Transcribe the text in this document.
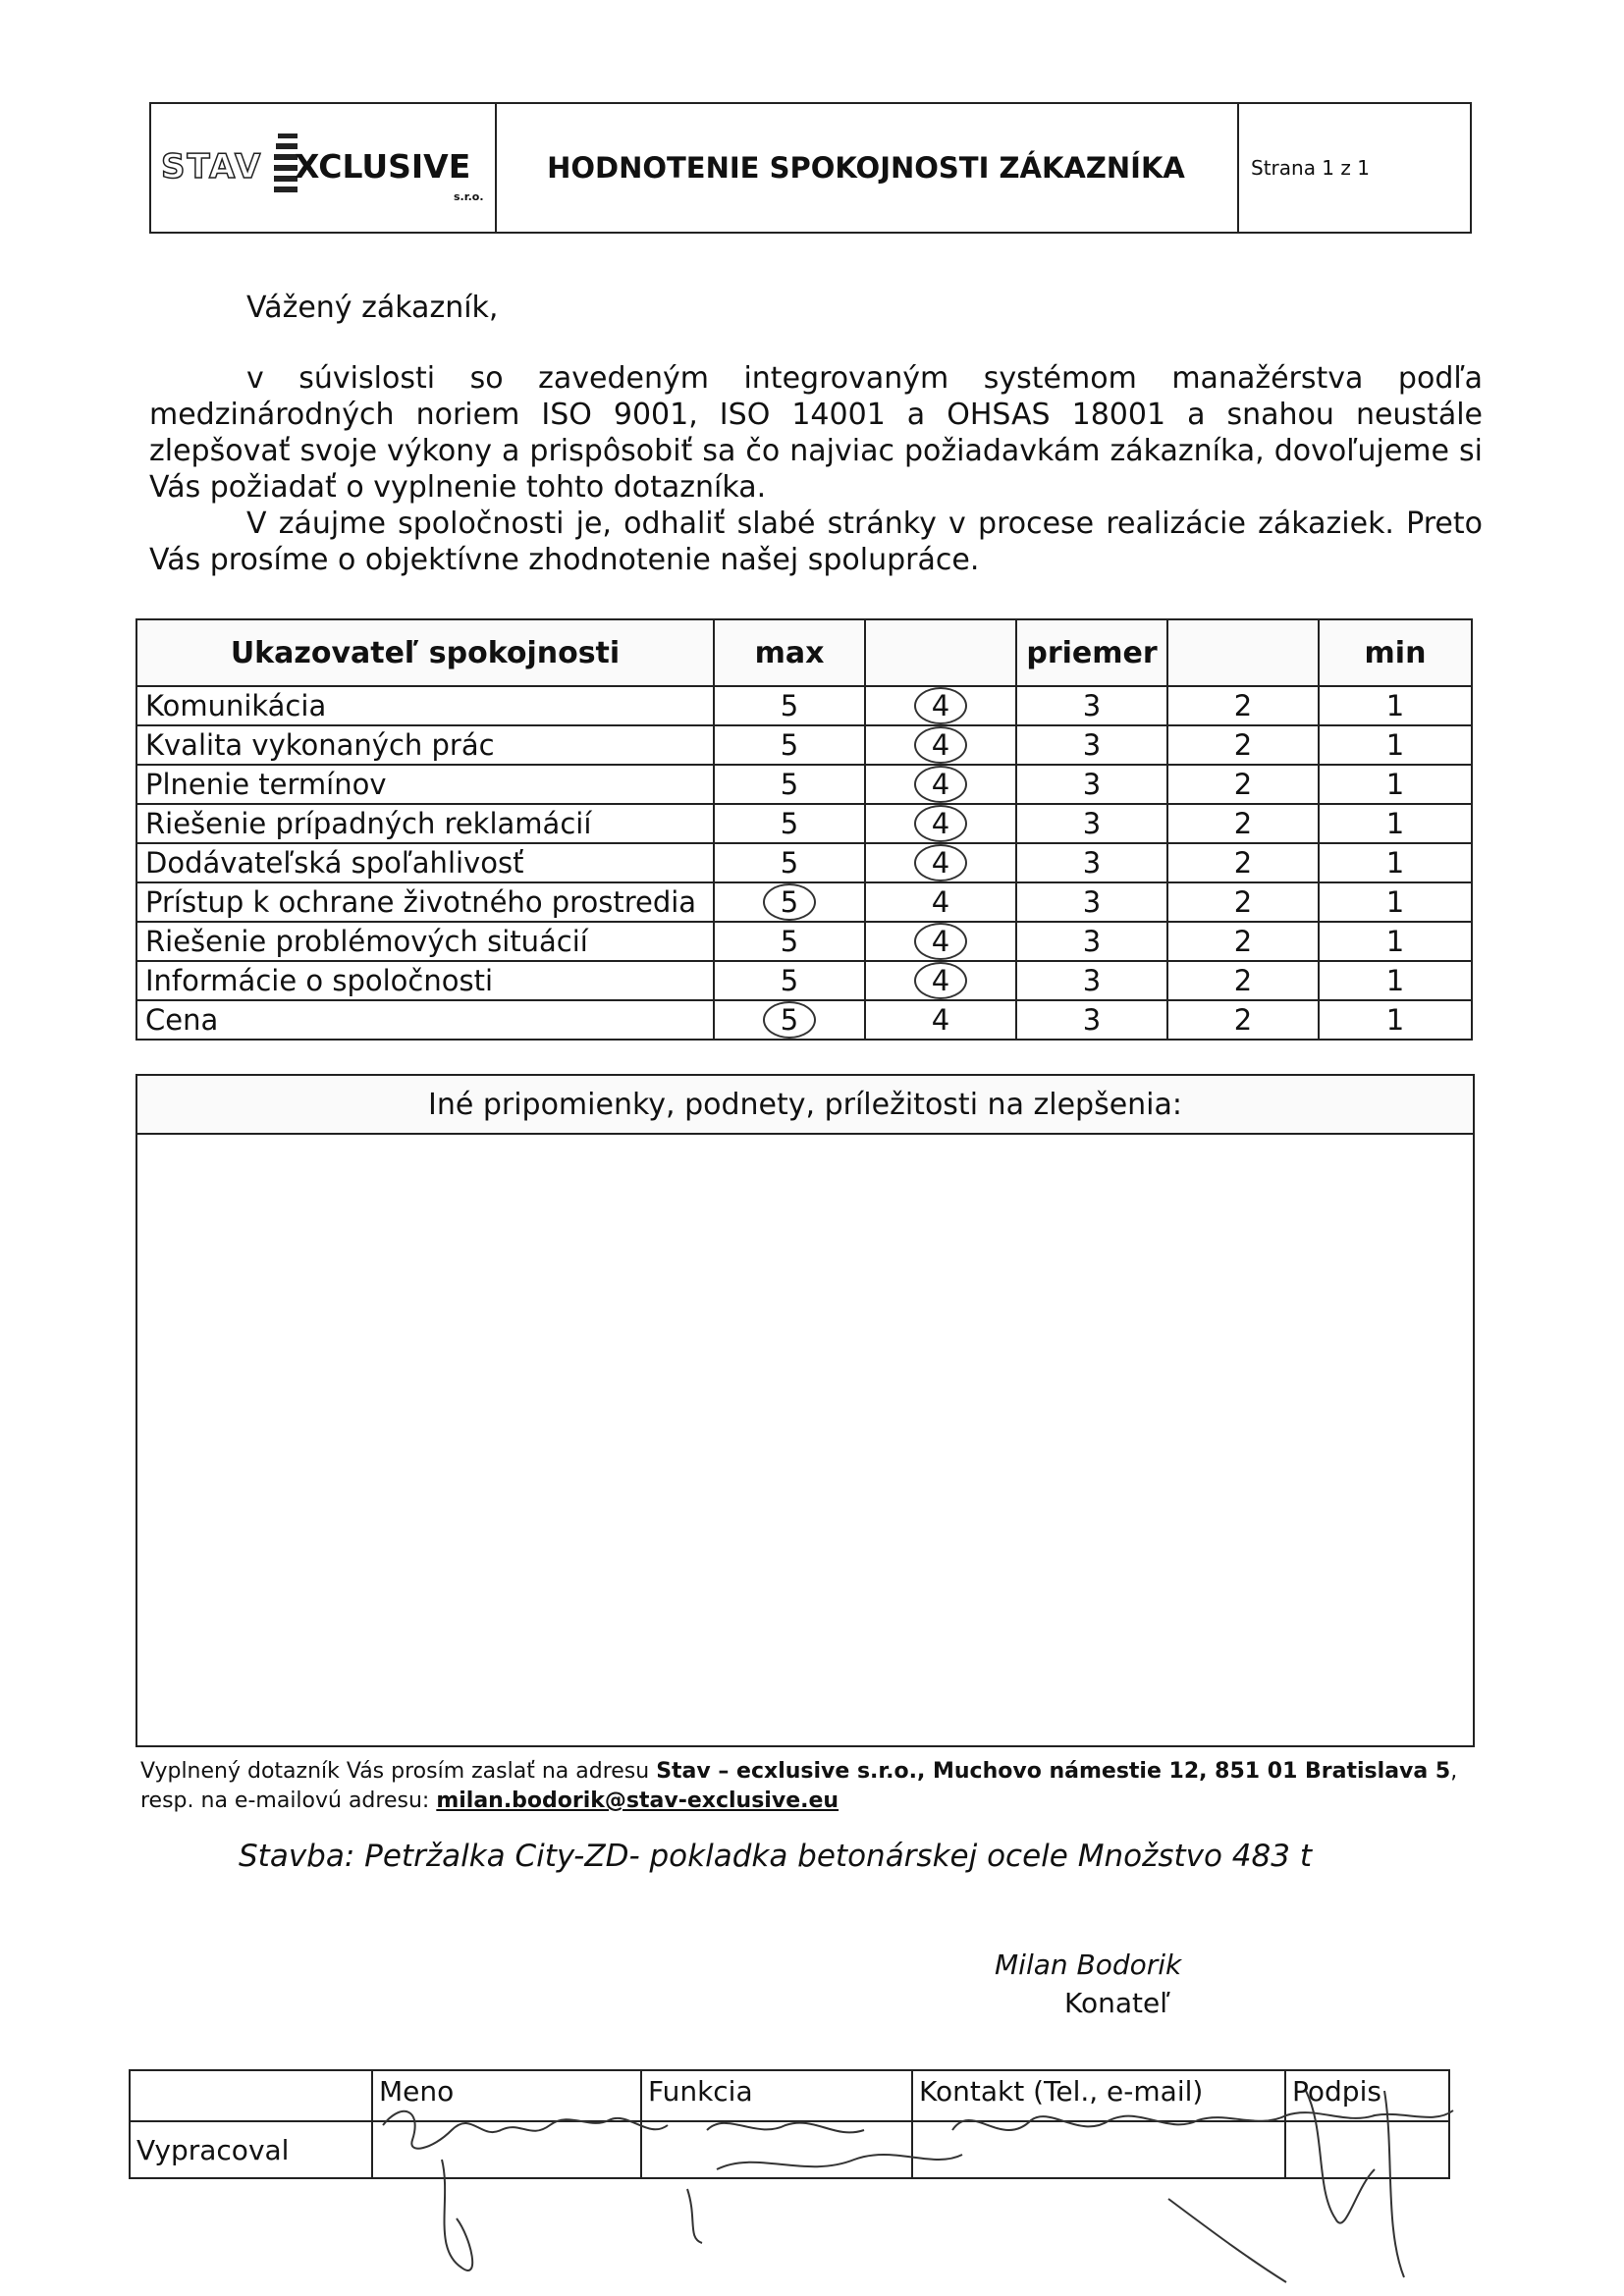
STAV XCLUSIVE
s.r.o.
HODNOTENIE SPOKOJNOSTI ZÁKAZNÍKA	Strana 1 z 1
Vážený zákazník,
v súvislosti so zavedeným integrovaným systémom manažérstva podľa medzinárodných noriem ISO 9001, ISO 14001 a OHSAS 18001 a snahou neustále zlepšovať svoje výkony a prispôsobiť sa čo najviac požiadavkám zákazníka, dovoľujeme si Vás požiadať o vyplnenie tohto dotazníka.
V záujme spoločnosti je, odhaliť slabé stránky v procese realizácie zákaziek. Preto Vás prosíme o objektívne zhodnotenie našej spolupráce.
Ukazovateľ spokojnosti	max		priemer		min
Komunikácia	5	4	3	2	1
Kvalita vykonaných prác	5	4	3	2	1
Plnenie termínov	5	4	3	2	1
Riešenie prípadných reklamácií	5	4	3	2	1
Dodávateľská spoľahlivosť	5	4	3	2	1
Prístup k ochrane životného prostredia	5	4	3	2	1
Riešenie problémových situácií	5	4	3	2	1
Informácie o spoločnosti	5	4	3	2	1
Cena	5	4	3	2	1
Iné pripomienky, podnety, príležitosti na zlepšenia:
Vyplnený dotazník Vás prosím zaslať na adresu Stav – ecxlusive s.r.o., Muchovo námestie 12, 851 01 Bratislava 5, resp. na e-mailovú adresu: milan.bodorik@stav-exclusive.eu
Stavba: Petržalka City-ZD- pokladka betonárskej ocele Množstvo 483 t
Milan Bodorik
Konateľ
	Meno	Funkcia	Kontakt (Tel., e-mail)	Podpis
Vypracoval				
